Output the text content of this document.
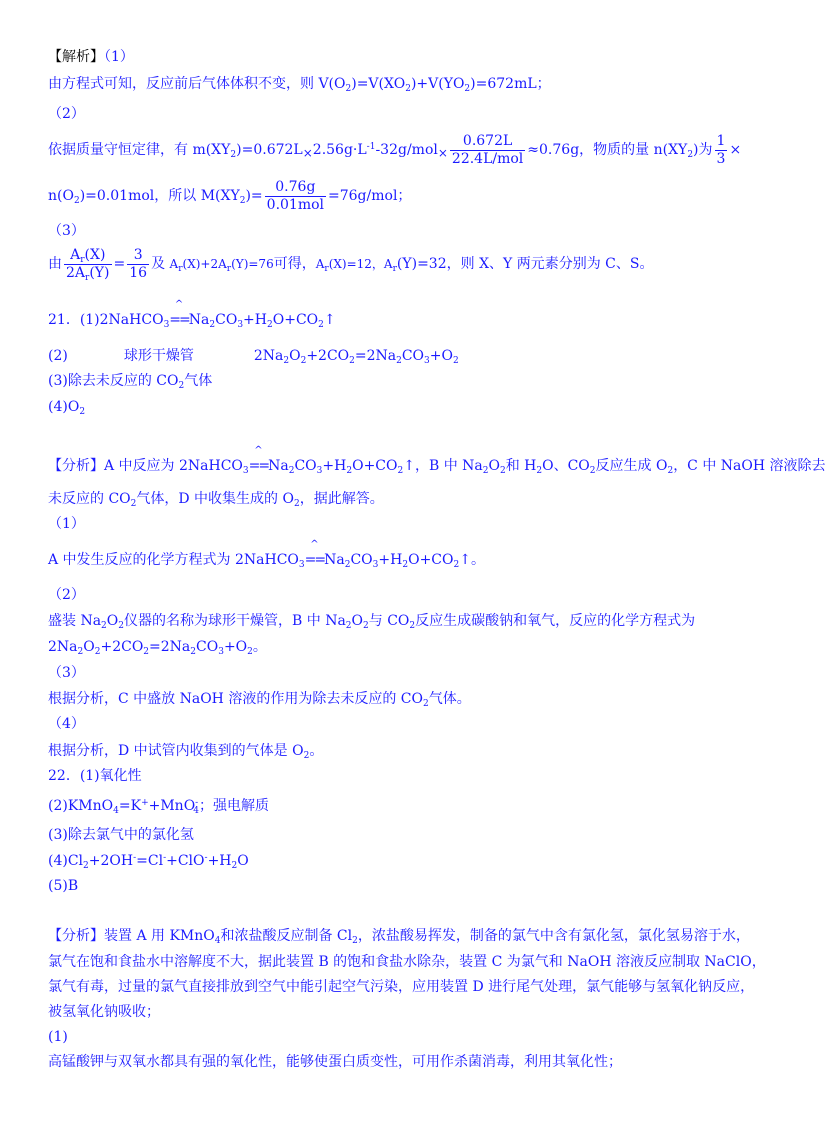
【解析】（1）
由方程式可知，反应前后气体体积不变，则 $V(O_2)=V(XO_2)+V(YO_2)=672mL$；
（2）
依据质量守恒定律，有 $m(XY_2)=0.672L_\times 2.56g\cdot L^{-1}-32g/mol_\times \frac{0.672L}{\text{22.4L/mol}} \approx 0.76g$，物质的量 $n(XY_2)$为 $\frac{1}{3}$ ×
$n(O_2)=0.01mol$，所以 $M(XY_2)= \frac{0.76g}{\text{0.01mol}} =76g/mol$；
（3）
由 $\frac{A_r(X)}{2A_r(Y)} = \frac{3}{16}$ 及 $A_r(X)+2A_r(Y)=76$可得，$A_r(X)=12$，$A_r(Y)=32$，则 X、Y 两元素分别为 C、S。
21．(1)2NaHCO$_3$
^
$==Na_2CO_3+H_2O+CO_2↑$
(2)	球形干燥管	$2Na_2O_2+2CO_2=2Na_2CO_3+O_2$
(3)除去未反应的 $CO_2$气体
$(4)O_2$
【分析】A 中反应为 2NaHCO$_3$
^
$==Na_2CO_3+H_2O+CO_2↑$，B 中 $Na_2O_2$和 $H_2O$、$CO_2$反应生成 $O_2$，C 中 NaOH 溶液除去
未反应的 $CO_2$气体，D 中收集生成的 $O_2$，据此解答。
（1）
A 中发生反应的化学方程式为 2NaHCO$_3$
^
$==Na_2CO_3+H_2O+CO_2↑$。
（2）
盛装 $Na_2O_2$仪器的名称为球形干燥管，B 中 $Na_2O_2$与 $CO_2$反应生成碳酸钠和氧气，反应的化学方程式为
$2Na_2O_2+2CO_2=2Na_2CO_3+O_2$。
（3）
根据分析，C 中盛放 NaOH 溶液的作用为除去未反应的 $CO_2$气体。
（4）
根据分析，D 中试管内收集到的气体是 $O_2$。
22．(1)氧化性
(2)KMnO$_4$=K++MnO-$_4$；强电解质
(3)除去氯气中的氯化氢
$(4)Cl_2+2OH^-=Cl^-+ClO^-+H_2O$
(5)B
【分析】装置 A 用 KMnO$_4$和浓盐酸反应制备 $Cl_2$，浓盐酸易挥发，制备的氯气中含有氯化氢，氯化氢易溶于水，
氯气在饱和食盐水中溶解度不大，据此装置 B 的饱和食盐水除杂，装置 C 为氯气和 NaOH 溶液反应制取 NaClO，
氯气有毒，过量的氯气直接排放到空气中能引起空气污染，应用装置 D 进行尾气处理，氯气能够与氢氧化钠反应，
被氢氧化钠吸收；
(1)
高锰酸钾与双氧水都具有强的氧化性，能够使蛋白质变性，可用作杀菌消毒，利用其氧化性；
